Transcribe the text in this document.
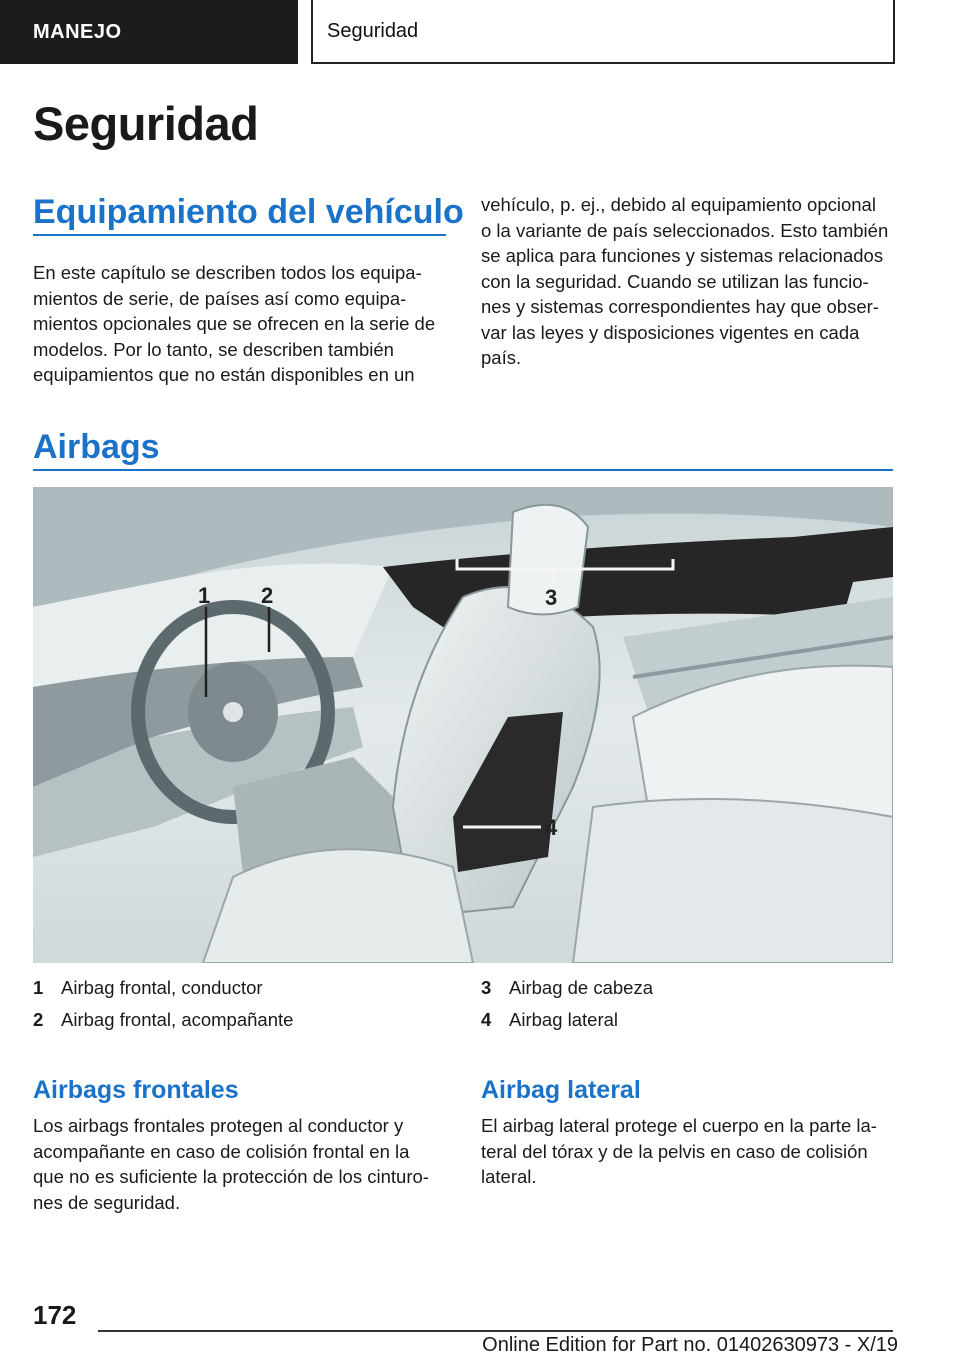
MANEJO	Seguridad
Seguridad
Equipamiento del vehículo
En este capítulo se describen todos los equipa-
mientos de serie, de países así como equipa-
mientos opcionales que se ofrecen en la serie de
modelos. Por lo tanto, se describen también
equipamientos que no están disponibles en un
vehículo, p. ej., debido al equipamiento opcional
o la variante de país seleccionados. Esto también
se aplica para funciones y sistemas relacionados
con la seguridad. Cuando se utilizan las funcio-
nes y sistemas correspondientes hay que obser-
var las leyes y disposiciones vigentes en cada
país.
Airbags
1 2	3
4
1 Airbag frontal, conductor
2 Airbag frontal, acompañante
3 Airbag de cabeza
4 Airbag lateral
Airbags frontales
Los airbags frontales protegen al conductor y
acompañante en caso de colisión frontal en la
que no es suficiente la protección de los cinturo-
nes de seguridad.
Airbag lateral
El airbag lateral protege el cuerpo en la parte la-
teral del tórax y de la pelvis en caso de colisión
lateral.
172
Online Edition for Part no. 01402630973 - X/19
